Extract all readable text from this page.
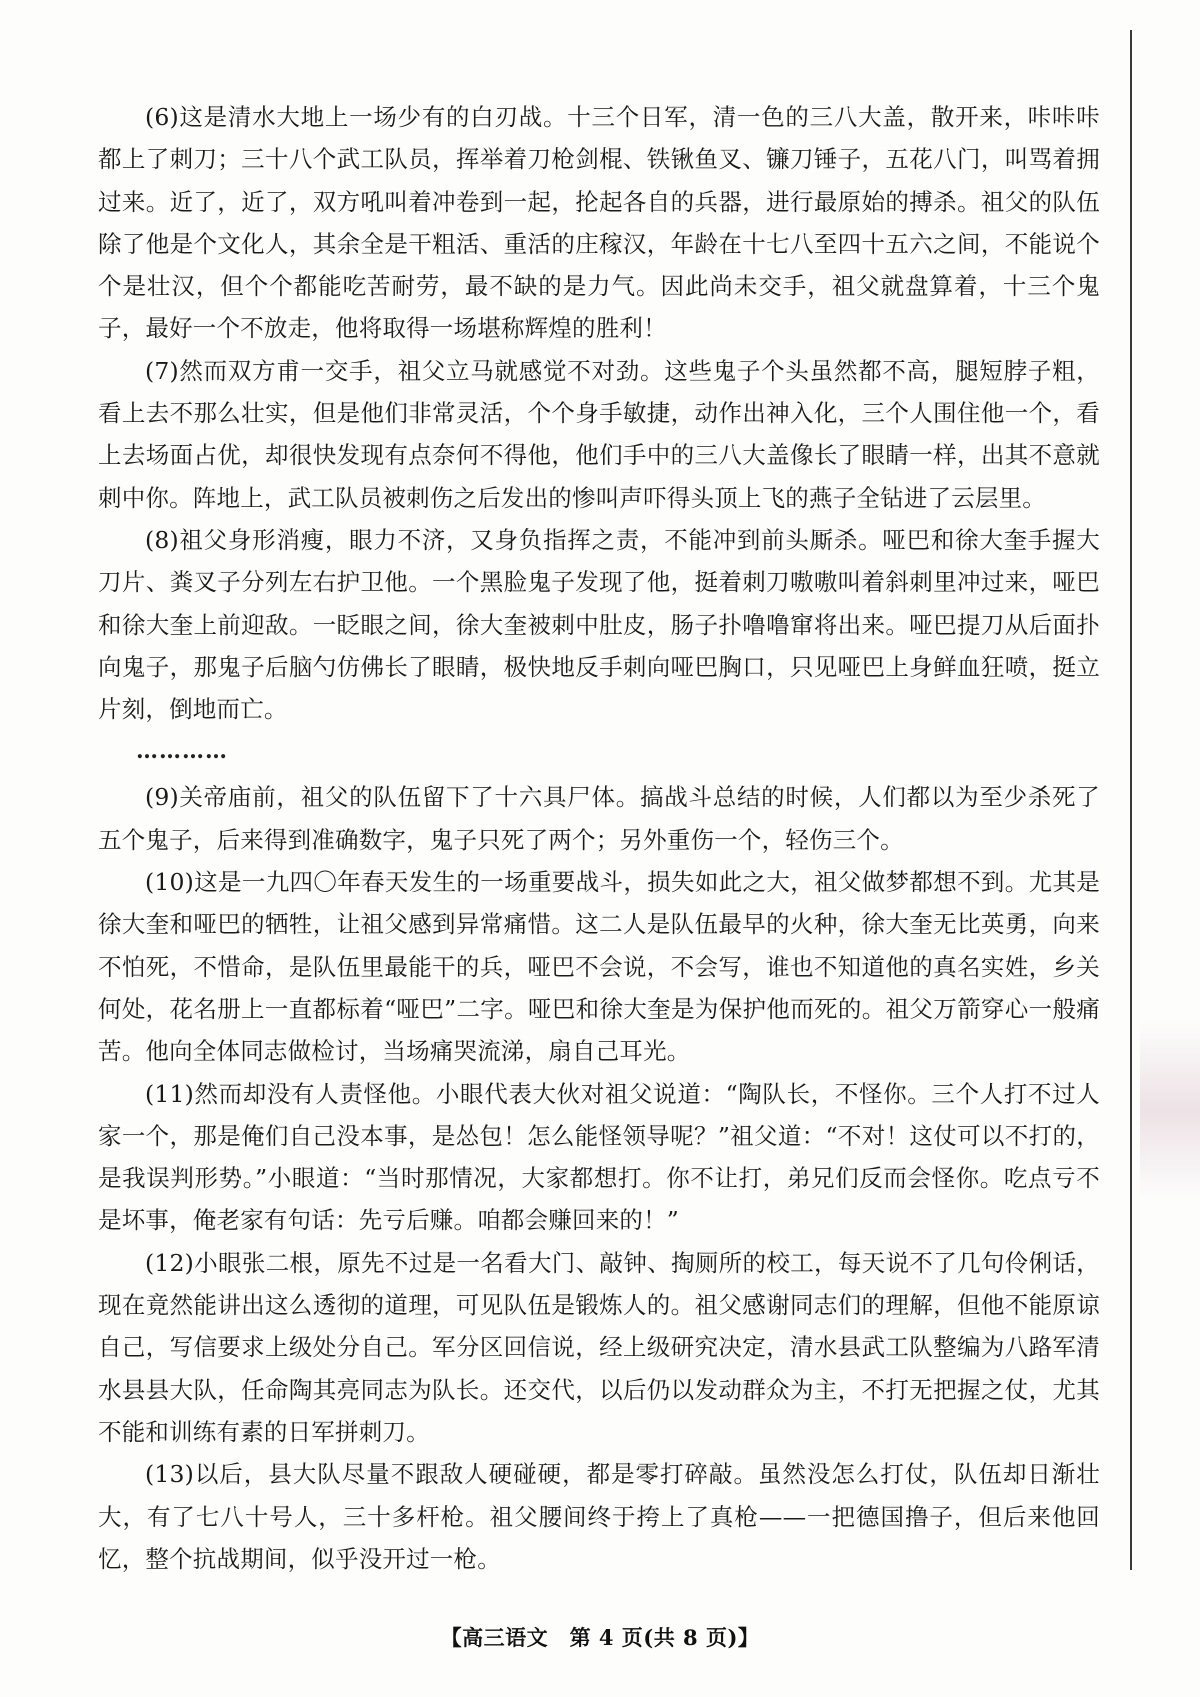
(6)这是清水大地上一场少有的白刃战。十三个日军，清一色的三八大盖，散开来，咔咔咔都上了刺刀；三十八个武工队员，挥举着刀枪剑棍、铁锹鱼叉、镰刀锤子，五花八门，叫骂着拥过来。近了，近了，双方吼叫着冲卷到一起，抡起各自的兵器，进行最原始的搏杀。祖父的队伍除了他是个文化人，其余全是干粗活、重活的庄稼汉，年龄在十七八至四十五六之间，不能说个个是壮汉，但个个都能吃苦耐劳，最不缺的是力气。因此尚未交手，祖父就盘算着，十三个鬼子，最好一个不放走，他将取得一场堪称辉煌的胜利！

(7)然而双方甫一交手，祖父立马就感觉不对劲。这些鬼子个头虽然都不高，腿短脖子粗，看上去不那么壮实，但是他们非常灵活，个个身手敏捷，动作出神入化，三个人围住他一个，看上去场面占优，却很快发现有点奈何不得他，他们手中的三八大盖像长了眼睛一样，出其不意就刺中你。阵地上，武工队员被刺伤之后发出的惨叫声吓得头顶上飞的燕子全钻进了云层里。

(8)祖父身形消瘦，眼力不济，又身负指挥之责，不能冲到前头厮杀。哑巴和徐大奎手握大刀片、粪叉子分列左右护卫他。一个黑脸鬼子发现了他，挺着刺刀嗷嗷叫着斜刺里冲过来，哑巴和徐大奎上前迎敌。一眨眼之间，徐大奎被刺中肚皮，肠子扑噜噜窜将出来。哑巴提刀从后面扑向鬼子，那鬼子后脑勺仿佛长了眼睛，极快地反手刺向哑巴胸口，只见哑巴上身鲜血狂喷，挺立片刻，倒地而亡。

…………

(9)关帝庙前，祖父的队伍留下了十六具尸体。搞战斗总结的时候，人们都以为至少杀死了五个鬼子，后来得到准确数字，鬼子只死了两个；另外重伤一个，轻伤三个。

(10)这是一九四〇年春天发生的一场重要战斗，损失如此之大，祖父做梦都想不到。尤其是徐大奎和哑巴的牺牲，让祖父感到异常痛惜。这二人是队伍最早的火种，徐大奎无比英勇，向来不怕死，不惜命，是队伍里最能干的兵，哑巴不会说，不会写，谁也不知道他的真名实姓，乡关何处，花名册上一直都标着“哑巴”二字。哑巴和徐大奎是为保护他而死的。祖父万箭穿心一般痛苦。他向全体同志做检讨，当场痛哭流涕，扇自己耳光。

(11)然而却没有人责怪他。小眼代表大伙对祖父说道：“陶队长，不怪你。三个人打不过人家一个，那是俺们自己没本事，是怂包！怎么能怪领导呢？”祖父道：“不对！这仗可以不打的，是我误判形势。”小眼道：“当时那情况，大家都想打。你不让打，弟兄们反而会怪你。吃点亏不是坏事，俺老家有句话：先亏后赚。咱都会赚回来的！”

(12)小眼张二根，原先不过是一名看大门、敲钟、掏厕所的校工，每天说不了几句伶俐话，现在竟然能讲出这么透彻的道理，可见队伍是锻炼人的。祖父感谢同志们的理解，但他不能原谅自己，写信要求上级处分自己。军分区回信说，经上级研究决定，清水县武工队整编为八路军清水县县大队，任命陶其亮同志为队长。还交代，以后仍以发动群众为主，不打无把握之仗，尤其不能和训练有素的日军拼刺刀。

(13)以后，县大队尽量不跟敌人硬碰硬，都是零打碎敲。虽然没怎么打仗，队伍却日渐壮大，有了七八十号人，三十多杆枪。祖父腰间终于挎上了真枪——一把德国撸子，但后来他回忆，整个抗战期间，似乎没开过一枪。

【高三语文　第 4 页(共 8 页)】
